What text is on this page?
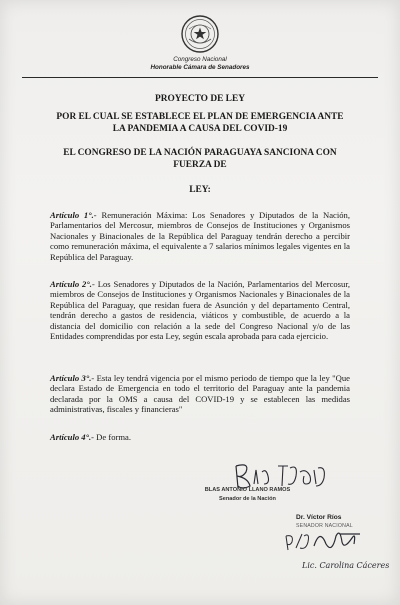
Congreso Nacional
Honorable Cámara de Senadores
PROYECTO DE LEY
POR EL CUAL SE ESTABLECE EL PLAN DE EMERGENCIA ANTE
LA PANDEMIA A CAUSA DEL COVID-19
EL CONGRESO DE LA NACIÓN PARAGUAYA SANCIONA CON
FUERZA DE
LEY:
Artículo 1°.- Remuneración Máxima: Los Senadores y Diputados de la Nación, Parlamentarios del Mercosur, miembros de Consejos de Instituciones y Organismos Nacionales y Binacionales de la República del Paraguay tendrán derecho a percibir como remuneración máxima, el equivalente a 7 salarios mínimos legales vigentes en la República del Paraguay.
Artículo 2°.- Los Senadores y Diputados de la Nación, Parlamentarios del Mercosur, miembros de Consejos de Instituciones y Organismos Nacionales y Binacionales de la República del Paraguay, que residan fuera de Asunción y del departamento Central, tendrán derecho a gastos de residencia, viáticos y combustible, de acuerdo a la distancia del domicilio con relación a la sede del Congreso Nacional y/o de las Entidades comprendidas por esta Ley, según escala aprobada para cada ejercicio.
Artículo 3°.- Esta ley tendrá vigencia por el mismo periodo de tiempo que la ley "Que declara Estado de Emergencia en todo el territorio del Paraguay ante la pandemia declarada por la OMS a causa del COVID-19 y se establecen las medidas administrativas, fiscales y financieras"
Artículo 4°.- De forma.
BLAS ANTONIO LLANO RAMOS
Senador de la Nación
Dr. Víctor Ríos
SENADOR NACIONAL
Lic. Carolina Cáceres
